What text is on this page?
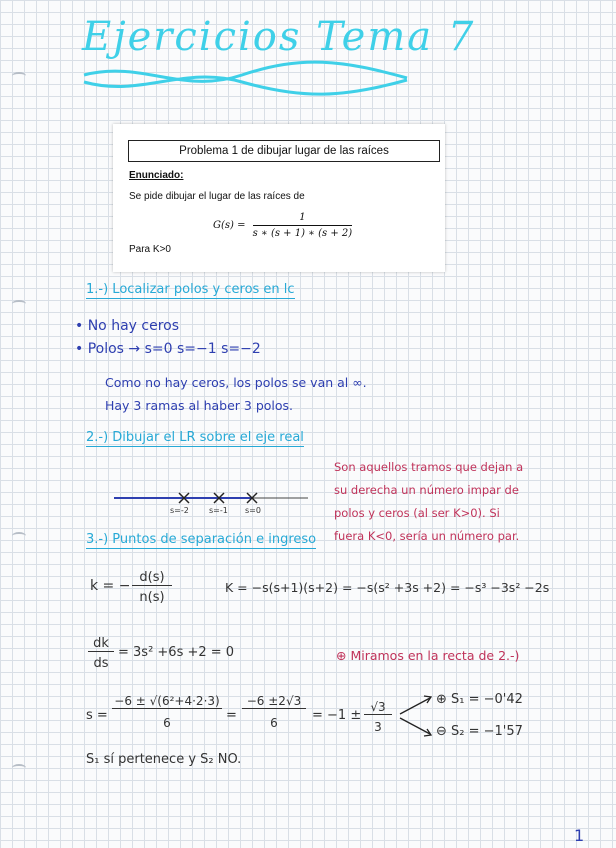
Ejercicios Tema 7
Problema 1 de dibujar lugar de las raíces
Enunciado:
Se pide dibujar el lugar de las raíces de
$G(s) = \frac{1}{s ∗ (s + 1) ∗ (s + 2)}$
Para K>0
1.-) Localizar polos y ceros en lc
• No hay ceros
• Polos → s=0 s=−1 s=−2
Como no hay ceros, los polos se van al ∞.
Hay 3 ramas al haber 3 polos.
2.-) Dibujar el LR sobre el eje real
s=-2	s=-1 s=0
Son aquellos tramos que dejan a
su derecha un número impar de
polos y ceros (al ser K>0). Si
fuera K<0, sería un número par.
3.-) Puntos de separación e ingreso
k = −
d(s)
n(s)
K = −s(s+1)(s+2) = −s(s² +3s +2) = −s³ −3s² −2s
dk
ds
= 3s² +6s +2 = 0	⊕ Miramos en la recta de 2.-)
s =
−6 ± √(6²+4·2·3)
6	=
−6 ±2√3
6	= −1 ±
√3
3
⊕ S₁ = −0'42
⊖ S₂ = −1'57
S₁ sí pertenece y S₂ NO.
1
